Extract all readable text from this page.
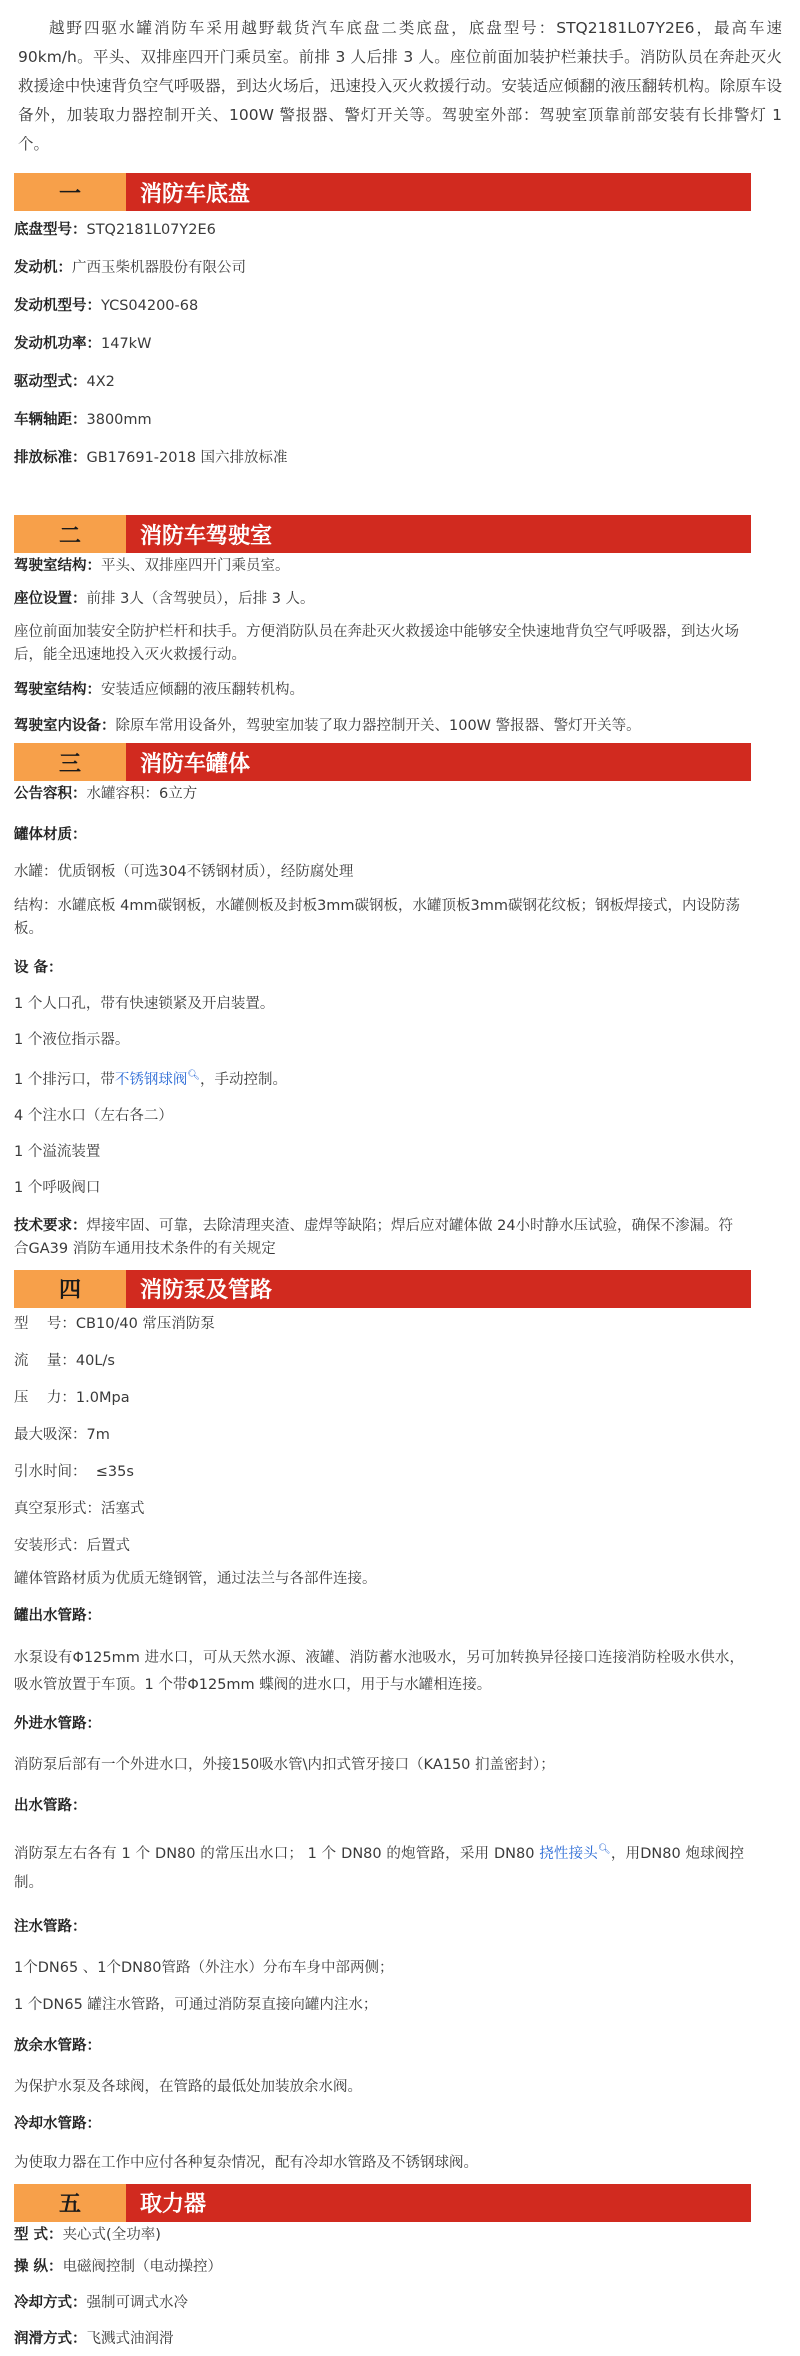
越野四驱水罐消防车采用越野载货汽车底盘二类底盘，底盘型号：STQ2181L07Y2E6，最高车速90km/h。平头、双排座四开门乘员室。前排 3 人后排 3 人。座位前面加装护栏兼扶手。消防队员在奔赴灭火救援途中快速背负空气呼吸器，到达火场后，迅速投入灭火救援行动。安装适应倾翻的液压翻转机构。除原车设备外，加装取力器控制开关、100W 警报器、警灯开关等。驾驶室外部：驾驶室顶靠前部安装有长排警灯 1 个。
一	消防车底盘
底盘型号：STQ2181L07Y2E6
发动机：广西玉柴机器股份有限公司
发动机型号：YCS04200-68
发动机功率：147kW
驱动型式：4X2
车辆轴距：3800mm
排放标准：GB17691-2018 国六排放标准
二	消防车驾驶室
驾驶室结构：平头、双排座四开门乘员室。
座位设置：前排 3人（含驾驶员），后排 3 人。
座位前面加装安全防护栏杆和扶手。方便消防队员在奔赴灭火救援途中能够安全快速地背负空气呼吸器，到达火场后，能全迅速地投入灭火救援行动。
驾驶室结构：安装适应倾翻的液压翻转机构。
驾驶室内设备：除原车常用设备外，驾驶室加装了取力器控制开关、100W 警报器、警灯开关等。
三	消防车罐体
公告容积：水罐容积：6立方
罐体材质：
水罐：优质钢板（可选304不锈钢材质），经防腐处理
结构：水罐底板 4mm碳钢板，水罐侧板及封板3mm碳钢板，水罐顶板3mm碳钢花纹板；钢板焊接式，内设防荡板。
设 备：
1 个人口孔，带有快速锁紧及开启装置。
1 个液位指示器。
1 个排污口，带不锈钢球阀🔍︎，手动控制。
4 个注水口（左右各二）
1 个溢流装置
1 个呼吸阀口
技术要求：焊接牢固、可靠，去除清理夹渣、虚焊等缺陷；焊后应对罐体做 24小时静水压试验，确保不渗漏。符合GA39 消防车通用技术条件的有关规定
四	消防泵及管路
型    号：CB10/40 常压消防泵
流    量：40L/s
压    力：1.0Mpa
最大吸深：7m
引水时间：  ≤35s
真空泵形式：活塞式
安装形式：后置式
罐体管路材质为优质无缝钢管，通过法兰与各部件连接。
罐出水管路：
水泵设有Φ125mm 进水口，可从天然水源、液罐、消防蓄水池吸水，另可加转换异径接口连接消防栓吸水供水，吸水管放置于车顶。1 个带Φ125mm 蝶阀的进水口，用于与水罐相连接。
外进水管路：
消防泵后部有一个外进水口，外接150吸水管\内扣式管牙接口（KA150 扪盖密封）；
出水管路：
消防泵左右各有 1 个 DN80 的常压出水口； 1 个 DN80 的炮管路，采用 DN80 挠性接头🔍︎，用DN80 炮球阀控制。
注水管路：
1个DN65 、1个DN80管路（外注水）分布车身中部两侧；
1 个DN65 罐注水管路，可通过消防泵直接向罐内注水；
放余水管路：
为保护水泵及各球阀，在管路的最低处加装放余水阀。
冷却水管路：
为使取力器在工作中应付各种复杂情况，配有冷却水管路及不锈钢球阀。
五	取力器
型 式：夹心式(全功率)
操 纵：电磁阀控制（电动操控）
冷却方式：强制可调式水冷
润滑方式：飞溅式油润滑
